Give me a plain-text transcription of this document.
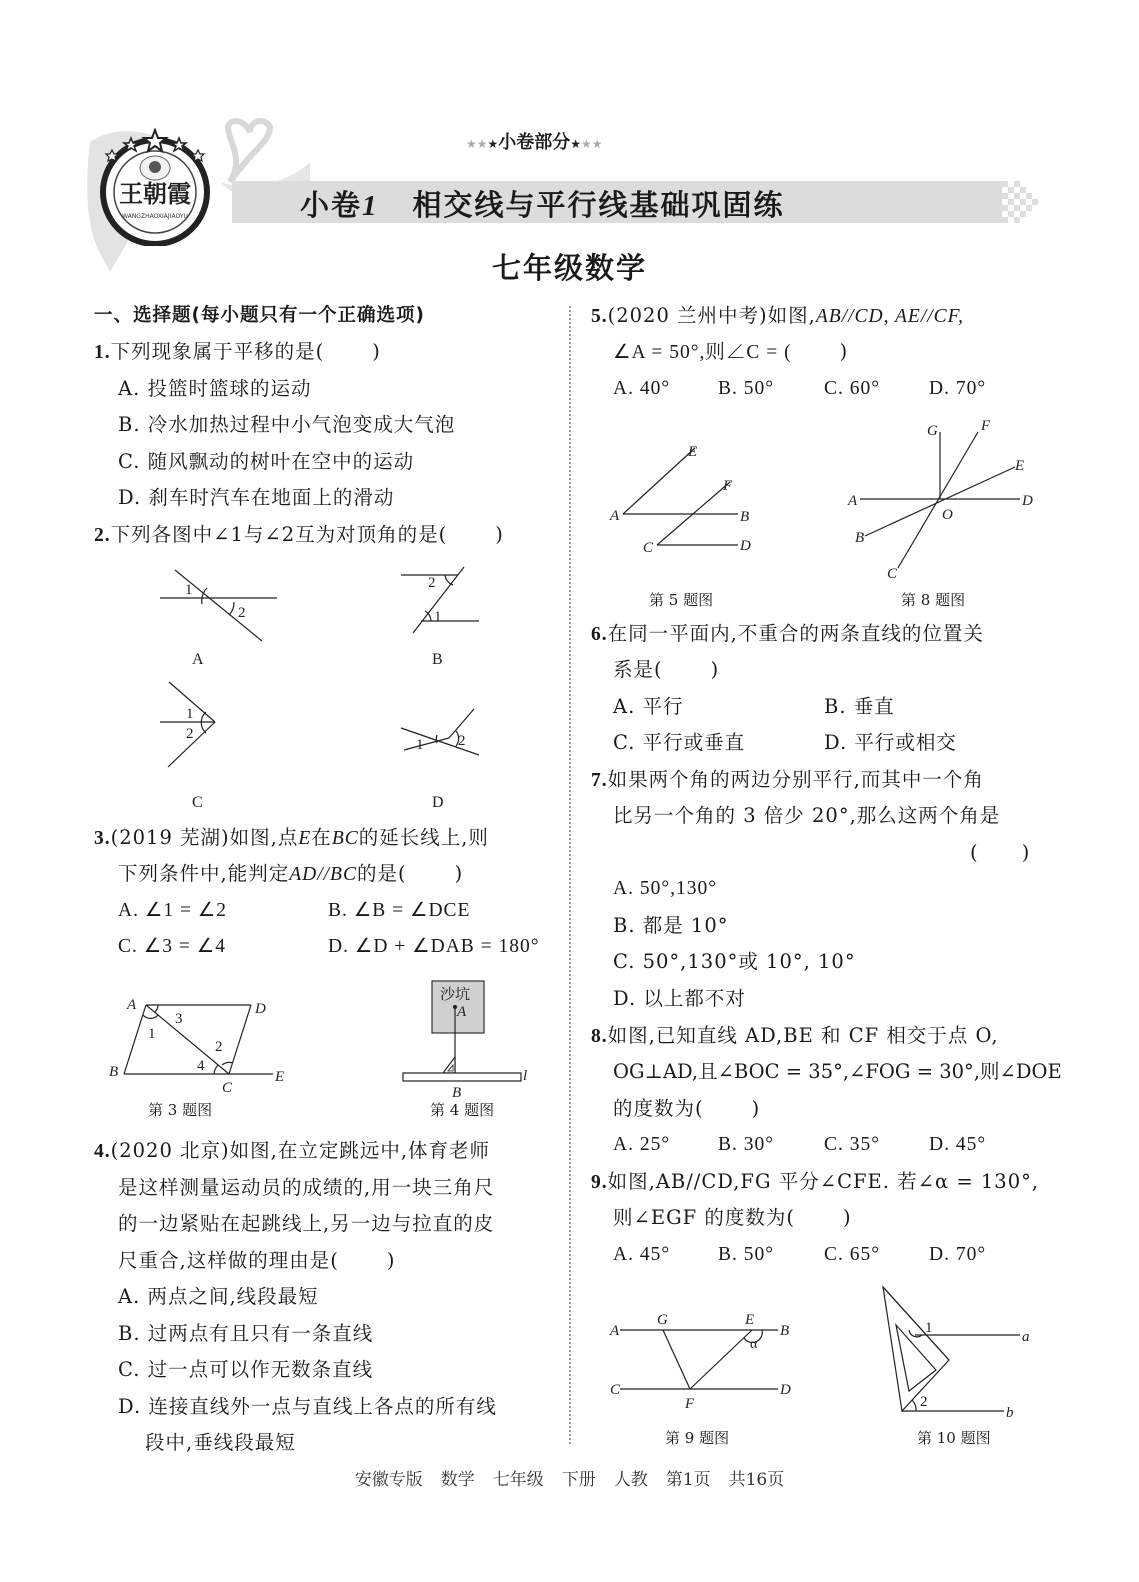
王朝霞
WANGZHAOXIAJIAOYU
★★★小卷部分★★★
小卷1 相交线与平行线基础巩固练
七年级数学
一、选择题(每小题只有一个正确选项)
1.下列现象属于平移的是( )
A. 投篮时篮球的运动
B. 冷水加热过程中小气泡变成大气泡
C. 随风飘动的树叶在空中的运动
D. 刹车时汽车在地面上的滑动
2.下列各图中∠1与∠2互为对顶角的是( )
1
2
A
2
1
B
1
2
C
1 2
D
3.(2019 芜湖)如图,点E在BC的延长线上,则
下列条件中,能判定AD//BC的是( )
A. ∠1 = ∠2	B. ∠B = ∠DCE
C. ∠3 = ∠4	D. ∠D + ∠DAB = 180°
A	D
B
C
E
1
3
2
4
第 3 题图
沙坑
A
l
B
第 4 题图
4.(2020 北京)如图,在立定跳远中,体育老师
是这样测量运动员的成绩的,用一块三角尺
的一边紧贴在起跳线上,另一边与拉直的皮
尺重合,这样做的理由是( )
A. 两点之间,线段最短
B. 过两点有且只有一条直线
C. 过一点可以作无数条直线
D. 连接直线外一点与直线上各点的所有线
段中,垂线段最短
5.(2020 兰州中考)如图,AB//CD, AE//CF,
∠A = 50°,则∠C = ( )
A. 40° B. 50°	C. 60°	D. 70°
E
F
A	B
C	D
第 5 题图
G	F
E
A
O
D
B
C
第 8 题图
6.在同一平面内,不重合的两条直线的位置关
系是( )
A. 平行	B. 垂直
C. 平行或垂直	D. 平行或相交
7.如果两个角的两边分别平行,而其中一个角
比另一个角的 3 倍少 20°,那么这两个角是
(      )
A. 50°,130°
B. 都是 10°
C. 50°,130°或 10°, 10°
D. 以上都不对
8.如图,已知直线 AD,BE 和 CF 相交于点 O,
OG⊥AD,且∠BOC = 35°,∠FOG = 30°,则∠DOE
的度数为( )
A. 25° B. 30°	C. 35°	D. 45°
9.如图,AB//CD,FG 平分∠CFE. 若∠α = 130°,
则∠EGF 的度数为( )
A. 45° B. 50°	C. 65°	D. 70°
A
G	E
B
α
C
F
D
第 9 题图
1
a
2
b
第 10 题图
安徽专版 数学 七年级 下册 人教 第1页 共16页
